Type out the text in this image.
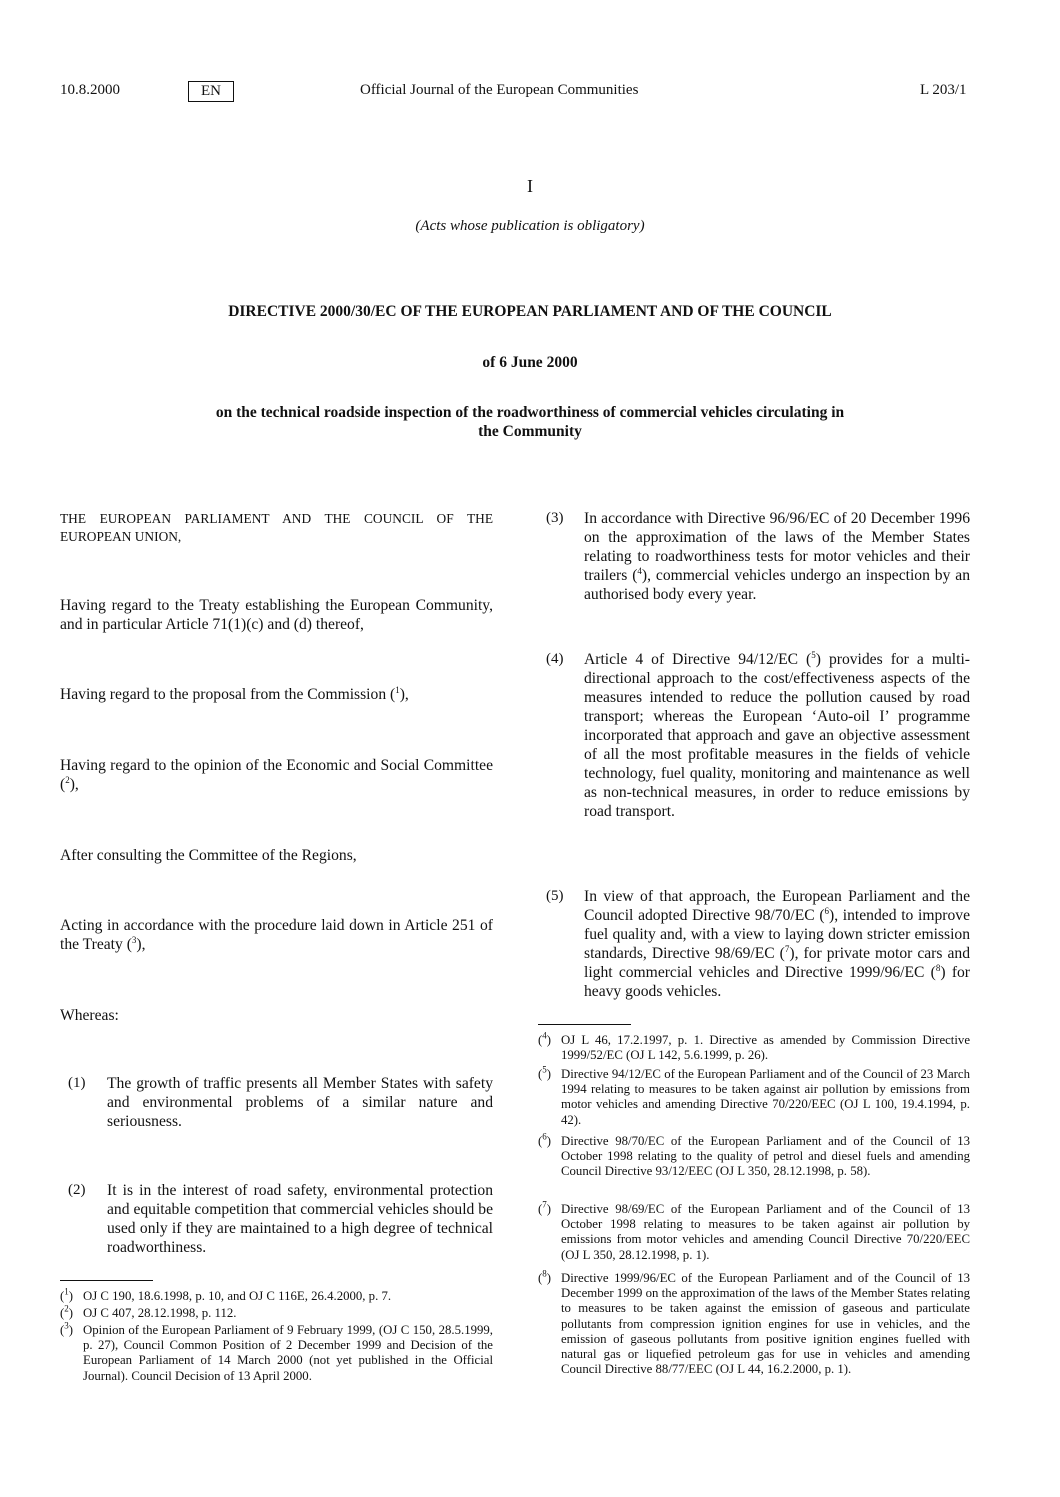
10.8.2000	EN	Official Journal of the European Communities	L 203/1
I
(Acts whose publication is obligatory)
DIRECTIVE 2000/30/EC OF THE EUROPEAN PARLIAMENT AND OF THE COUNCIL
of 6 June 2000
on the technical roadside inspection of the roadworthiness of commercial vehicles circulating in
the Community
THE EUROPEAN PARLIAMENT AND THE COUNCIL OF THE EUROPEAN UNION,
Having regard to the Treaty establishing the European Community, and in particular Article 71(1)(c) and (d) thereof,
Having regard to the proposal from the Commission ($^1$),
Having regard to the opinion of the Economic and Social Committee ($^2$),
After consulting the Committee of the Regions,
Acting in accordance with the procedure laid down in Article 251 of the Treaty ($^3$),
Whereas:
(1) The growth of traffic presents all Member States with safety and environmental problems of a similar nature and seriousness.
(2) It is in the interest of road safety, environmental protection and equitable competition that commercial vehicles should be used only if they are maintained to a high degree of technical roadworthiness.
($^1$) OJ C 190, 18.6.1998, p. 10, and OJ C 116E, 26.4.2000, p. 7.
($^2$) OJ C 407, 28.12.1998, p. 112.
($^3$) Opinion of the European Parliament of 9 February 1999, (OJ C 150, 28.5.1999, p. 27), Council Common Position of 2 December 1999 and Decision of the European Parliament of 14 March 2000 (not yet published in the Official Journal). Council Decision of 13 April 2000.
(3) In accordance with Directive 96/96/EC of 20 December 1996 on the approximation of the laws of the Member States relating to roadworthiness tests for motor vehicles and their trailers ($^4$), commercial vehicles undergo an inspection by an authorised body every year.
(4) Article 4 of Directive 94/12/EC ($^5$) provides for a multi-directional approach to the cost/effectiveness aspects of the measures intended to reduce the pollution caused by road transport; whereas the European ‘Auto-oil I’ programme incorporated that approach and gave an objective assessment of all the most profitable measures in the fields of vehicle technology, fuel quality, monitoring and maintenance as well as non-technical measures, in order to reduce emissions by road transport.
(5) In view of that approach, the European Parliament and the Council adopted Directive 98/70/EC ($^6$), intended to improve fuel quality and, with a view to laying down stricter emission standards, Directive 98/69/EC ($^7$), for private motor cars and light commercial vehicles and Directive 1999/96/EC ($^8$) for heavy goods vehicles.
($^4$) OJ L 46, 17.2.1997, p. 1. Directive as amended by Commission Directive 1999/52/EC (OJ L 142, 5.6.1999, p. 26).
($^5$) Directive 94/12/EC of the European Parliament and of the Council of 23 March 1994 relating to measures to be taken against air pollution by emissions from motor vehicles and amending Directive 70/220/EEC (OJ L 100, 19.4.1994, p. 42).
($^6$) Directive 98/70/EC of the European Parliament and of the Council of 13 October 1998 relating to the quality of petrol and diesel fuels and amending Council Directive 93/12/EEC (OJ L 350, 28.12.1998, p. 58).
($^7$) Directive 98/69/EC of the European Parliament and of the Council of 13 October 1998 relating to measures to be taken against air pollution by emissions from motor vehicles and amending Council Directive 70/220/EEC (OJ L 350, 28.12.1998, p. 1).
($^8$) Directive 1999/96/EC of the European Parliament and of the Council of 13 December 1999 on the approximation of the laws of the Member States relating to measures to be taken against the emission of gaseous and particulate pollutants from compression ignition engines for use in vehicles, and the emission of gaseous pollutants from positive ignition engines fuelled with natural gas or liquefied petroleum gas for use in vehicles and amending Council Directive 88/77/EEC (OJ L 44, 16.2.2000, p. 1).
